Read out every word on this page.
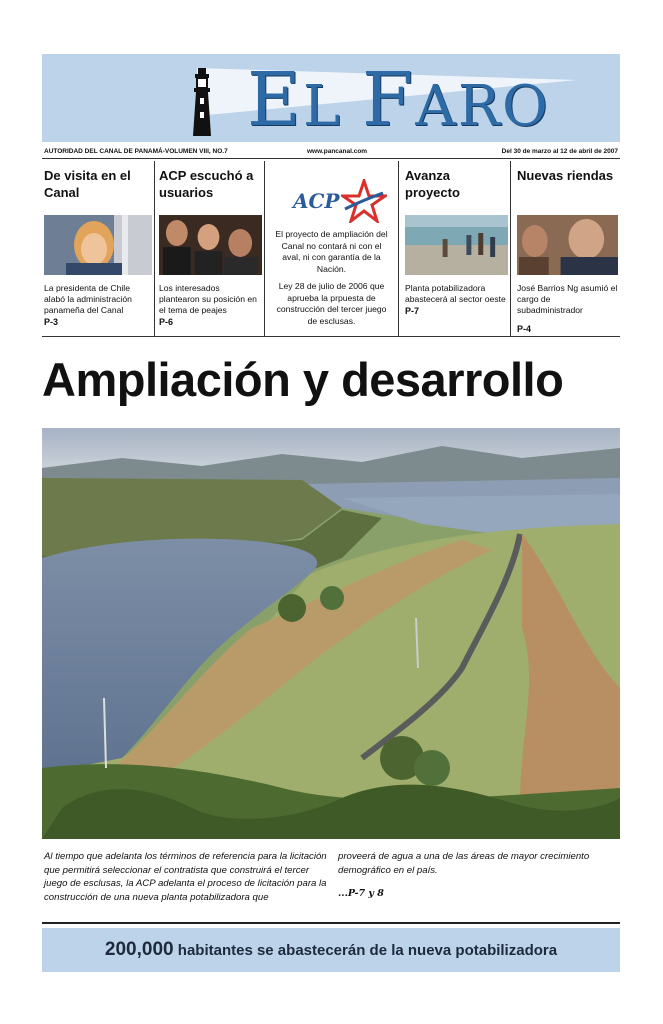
EL FARO
AUTORIDAD DEL CANAL DE PANAMÁ-VOLUMEN VIII, NO.7	www.pancanal.com	Del 30 de marzo al 12 de abril de 2007
De visita en el Canal

La presidenta de Chile alabó la administración panameña del Canal

P-3
ACP escuchó a usuarios

Los interesados plantearon su posición en el tema de peajes

P-6
ACP

El proyecto de ampliación del Canal no contará ni con el aval, ni con garantía de la Nación.

Ley 28 de julio de 2006 que aprueba la prpuesta de construcción del tercer juego de esclusas.

Avanza proyecto

Planta potabilizadora abastecerá al sector oeste

P-7
Nuevas riendas

José Barrios Ng asumió el cargo de subadministrador

P-4
Ampliación y desarrollo
Al tiempo que adelanta los términos de referencia para la licitación que permitirá seleccionar el contratista que construirá el tercer juego de esclusas, la ACP adelanta el proceso de licitación para la construcción de una nueva planta potabilizadora que
proveerá de agua a una de las áreas de mayor crecimiento demográfico en el país.
...P-7 y 8
200,000 habitantes se abastecerán de la nueva potabilizadora
